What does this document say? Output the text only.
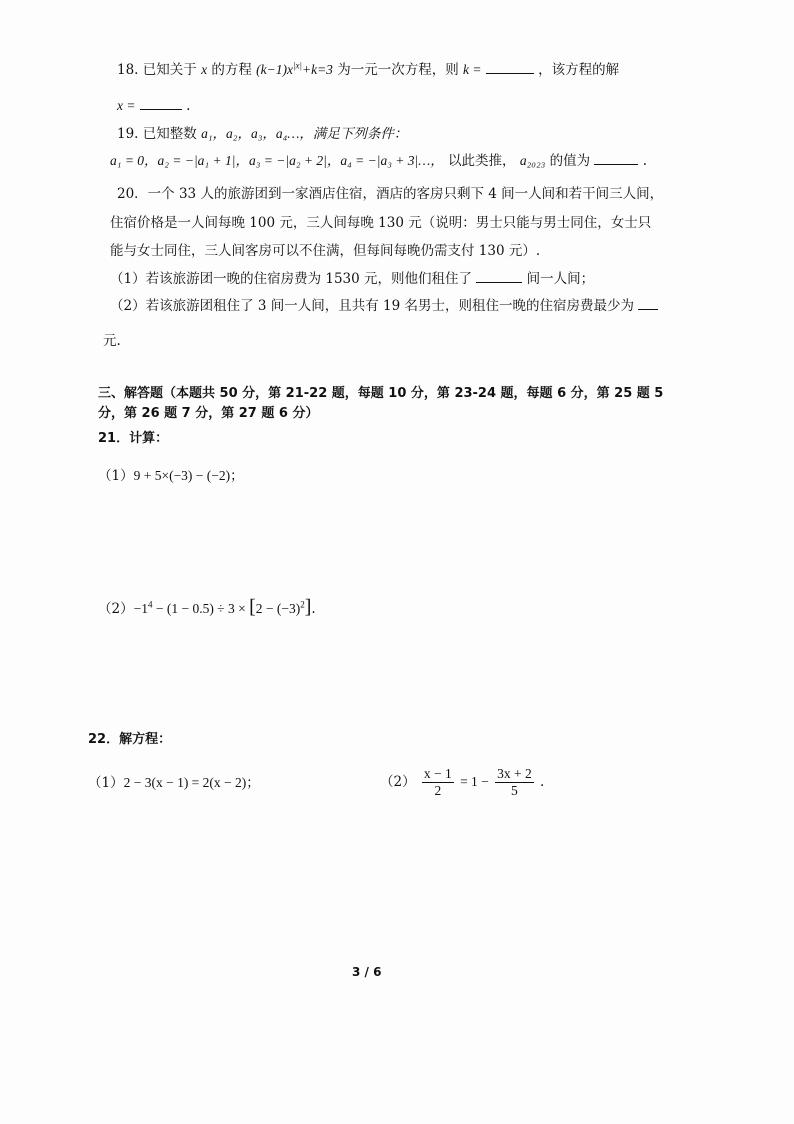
18. 已知关于 x 的方程 $(k-1)x^{|x|}+k=3$ 为一元一次方程，则 k =	，该方程的解
x =	.
19. 已知整数 a₁，a₂，a₃，a₄…，满足下列条件：
a₁ = 0，a₂ = −|a₁ + 1|，a₃ = −|a₂ + 2|，a₄ = −|a₃ + 3|…， 以此类推， a₂₀₂₃ 的值为	.
20．一个 33 人的旅游团到一家酒店住宿，酒店的客房只剩下 4 间一人间和若干间三人间，
住宿价格是一人间每晚 100 元，三人间每晚 130 元（说明：男士只能与男士同住，女士只
能与女士同住，三人间客房可以不住满，但每间每晚仍需支付 130 元）.
（1）若该旅游团一晚的住宿房费为 1530 元，则他们租住了	间一人间；
（2）若该旅游团租住了 3 间一人间，且共有 19 名男士，则租住一晚的住宿房费最少为
元.
三、解答题（本题共 50 分，第 21-22 题，每题 10 分，第 23-24 题，每题 6 分，第 25 题 5
分，第 26 题 7 分，第 27 题 6 分）
21．计算：
（1）9 + 5×(−3) − (−2)；
$(2)-1^4 - (1 - 0.5) \div 3 \times [2 - (-3)^2]$.
22．解方程：
（1）2 − 3(x − 1) = 2(x − 2)；	$(2) \frac{x - 1}{2} = 1 - \frac{3x + 2}{5}$ .
3 / 6
